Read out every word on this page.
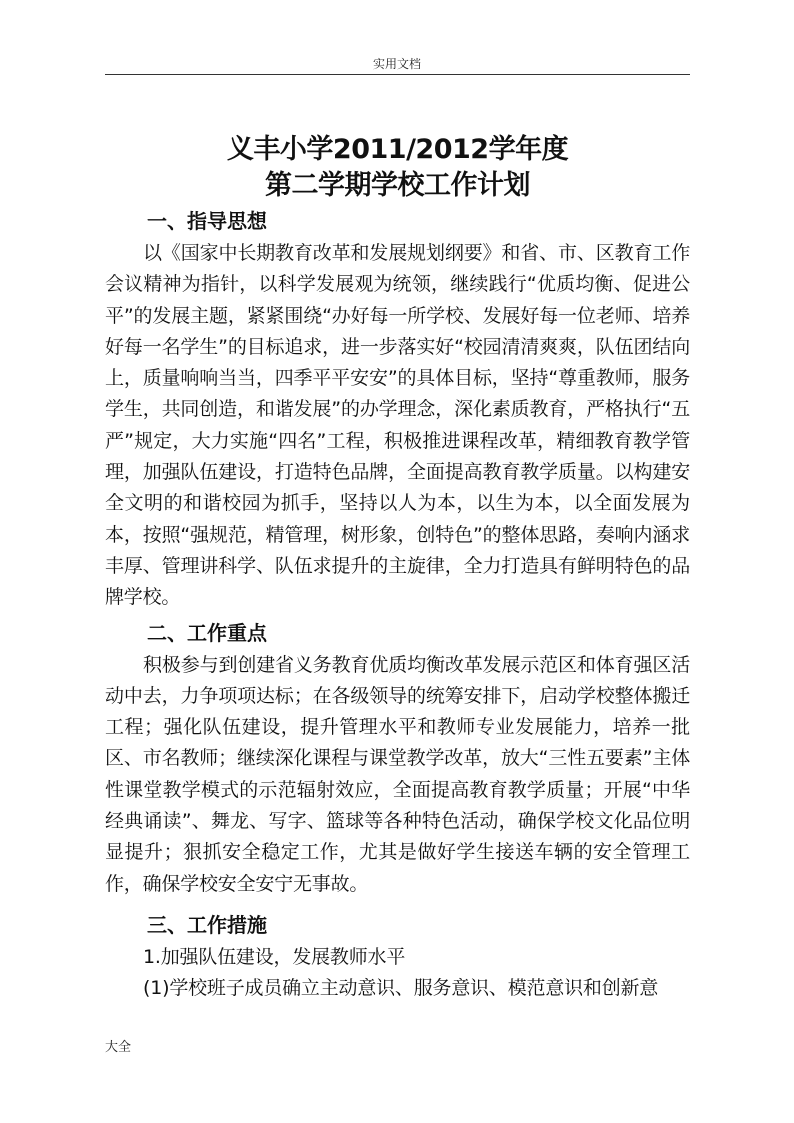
实用文档
义丰小学2011/2012学年度
第二学期学校工作计划
一、指导思想

以《国家中长期教育改革和发展规划纲要》和省、市、区教育工作会议精神为指针，以科学发展观为统领，继续践行“优质均衡、促进公平”的发展主题，紧紧围绕“办好每一所学校、发展好每一位老师、培养好每一名学生”的目标追求，进一步落实好“校园清清爽爽，队伍团结向上，质量响响当当，四季平平安安”的具体目标，坚持“尊重教师，服务学生，共同创造，和谐发展”的办学理念，深化素质教育，严格执行“五严”规定，大力实施“四名”工程，积极推进课程改革，精细教育教学管理，加强队伍建设，打造特色品牌，全面提高教育教学质量。以构建安全文明的和谐校园为抓手，坚持以人为本，以生为本，以全面发展为本，按照“强规范，精管理，树形象，创特色”的整体思路，奏响内涵求丰厚、管理讲科学、队伍求提升的主旋律，全力打造具有鲜明特色的品牌学校。

二、工作重点

积极参与到创建省义务教育优质均衡改革发展示范区和体育强区活动中去，力争项项达标；在各级领导的统筹安排下，启动学校整体搬迁工程；强化队伍建设，提升管理水平和教师专业发展能力，培养一批区、市名教师；继续深化课程与课堂教学改革，放大“三性五要素”主体性课堂教学模式的示范辐射效应，全面提高教育教学质量；开展“中华经典诵读”、舞龙、写字、篮球等各种特色活动，确保学校文化品位明显提升；狠抓安全稳定工作，尤其是做好学生接送车辆的安全管理工作，确保学校安全安宁无事故。

三、工作措施

1.加强队伍建设，发展教师水平

(1)学校班子成员确立主动意识、服务意识、模范意识和创新意

大全
